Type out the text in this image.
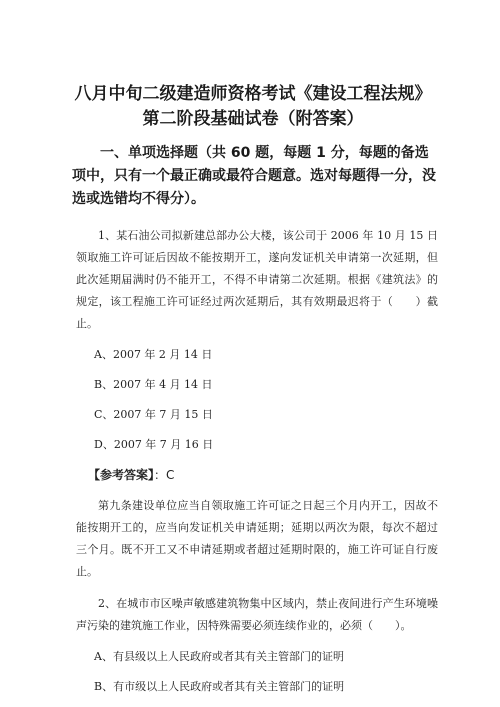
八月中旬二级建造师资格考试《建设工程法规》
第二阶段基础试卷（附答案）
一、单项选择题（共 60 题，每题 1 分，每题的备选项中，只有一个最正确或最符合题意。选对每题得一分，没选或选错均不得分）。
1、某石油公司拟新建总部办公大楼，该公司于 2006 年 10 月 15 日领取施工许可证后因故不能按期开工，遂向发证机关申请第一次延期，但此次延期届满时仍不能开工，不得不申请第二次延期。根据《建筑法》的规定，该工程施工许可证经过两次延期后，其有效期最迟将于（　　）截止。
A、2007 年 2 月 14 日
B、2007 年 4 月 14 日
C、2007 年 7 月 15 日
D、2007 年 7 月 16 日
【参考答案】：C
第九条建设单位应当自领取施工许可证之日起三个月内开工，因故不能按期开工的，应当向发证机关申请延期；延期以两次为限，每次不超过三个月。既不开工又不申请延期或者超过延期时限的，施工许可证自行废止。
2、在城市市区噪声敏感建筑物集中区域内，禁止夜间进行产生环境噪声污染的建筑施工作业，因特殊需要必须连续作业的，必须（　　）。
A、有县级以上人民政府或者其有关主管部门的证明
B、有市级以上人民政府或者其有关主管部门的证明
